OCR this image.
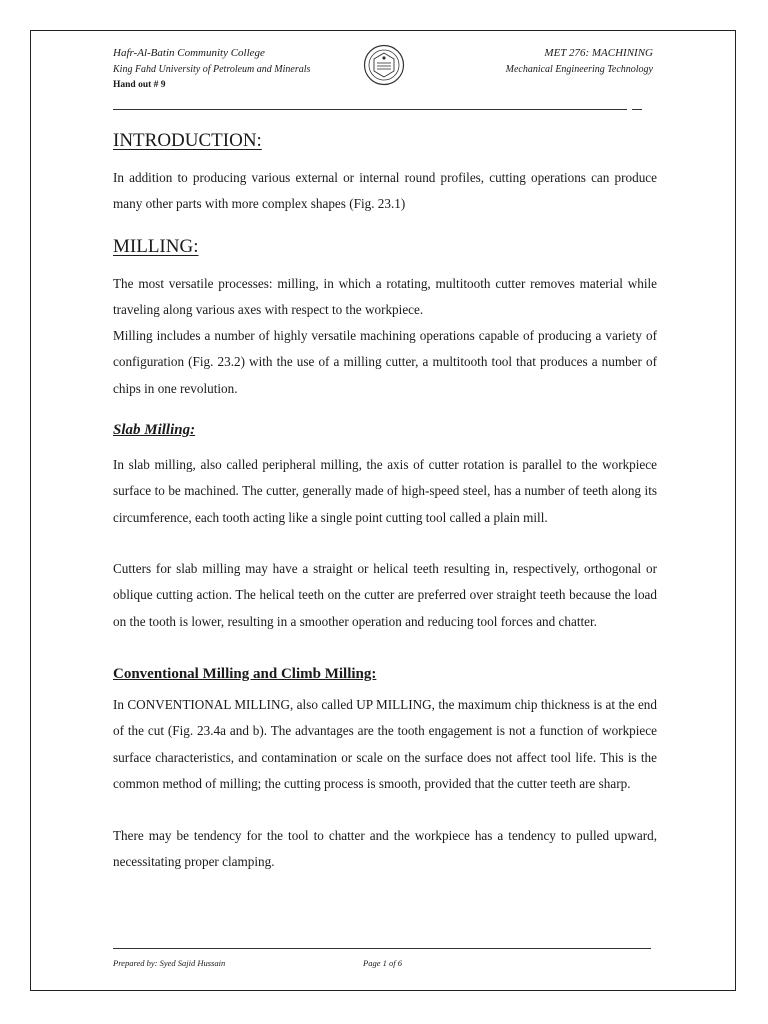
Hafr-Al-Batin Community College
King Fahd University of Petroleum and Minerals
Hand out # 9
MET 276: MACHINING
Mechanical Engineering Technology
INTRODUCTION:

In addition to producing various external or internal round profiles, cutting operations can produce many other parts with more complex shapes (Fig. 23.1)

MILLING:

The most versatile processes: milling, in which a rotating, multitooth cutter removes material while traveling along various axes with respect to the workpiece.

Milling includes a number of highly versatile machining operations capable of producing a variety of configuration (Fig. 23.2) with the use of a milling cutter, a multitooth tool that produces a number of chips in one revolution.

Slab Milling:

In slab milling, also called peripheral milling, the axis of cutter rotation is parallel to the workpiece surface to be machined. The cutter, generally made of high-speed steel, has a number of teeth along its circumference, each tooth acting like a single point cutting tool called a plain mill.

Cutters for slab milling may have a straight or helical teeth resulting in, respectively, orthogonal or oblique cutting action. The helical teeth on the cutter are preferred over straight teeth because the load on the tooth is lower, resulting in a smoother operation and reducing tool forces and chatter.

Conventional Milling and Climb Milling:

In CONVENTIONAL MILLING, also called UP MILLING, the maximum chip thickness is at the end of the cut (Fig. 23.4a and b). The advantages are the tooth engagement is not a function of workpiece surface characteristics, and contamination or scale on the surface does not affect tool life. This is the common method of milling; the cutting process is smooth, provided that the cutter teeth are sharp.

There may be tendency for the tool to chatter and the workpiece has a tendency to pulled upward, necessitating proper clamping.

Prepared by: Syed Sajid Hussain	Page 1 of 6
